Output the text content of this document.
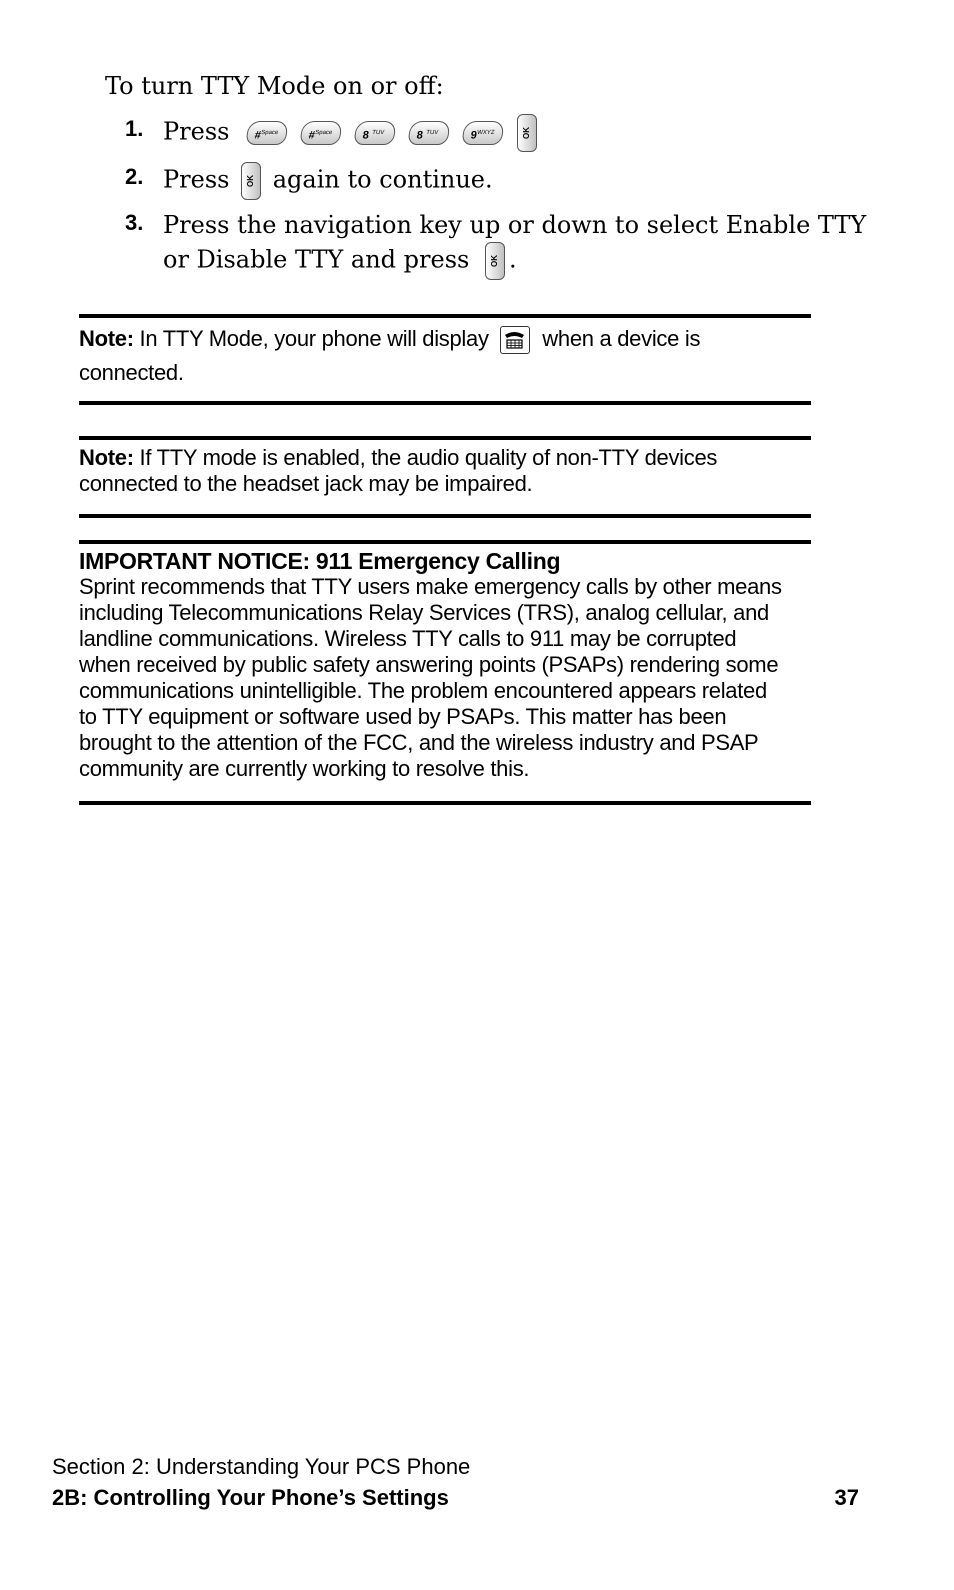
To turn TTY Mode on or off:
1. Press #$^{Space}$	#$^{Space}$	8 $^{TUV}$	8 $^{TUV}$	$9^{WXYZ}$	OK
2. Press	OK again to continue.
3. Press the navigation key up or down to select Enable TTY
or Disable TTY and press	OK .
Note: In TTY Mode, your phone will display when a device is
connected.
Note: If TTY mode is enabled, the audio quality of non-TTY devices connected to the headset jack may be impaired.
IMPORTANT NOTICE: 911 Emergency Calling
Sprint recommends that TTY users make emergency calls by other means
including Telecommunications Relay Services (TRS), analog cellular, and
landline communications. Wireless TTY calls to 911 may be corrupted
when received by public safety answering points (PSAPs) rendering some
communications unintelligible. The problem encountered appears related
to TTY equipment or software used by PSAPs. This matter has been
brought to the attention of the FCC, and the wireless industry and PSAP
community are currently working to resolve this.
Section 2: Understanding Your PCS Phone
2B: Controlling Your Phone’s Settings	37
